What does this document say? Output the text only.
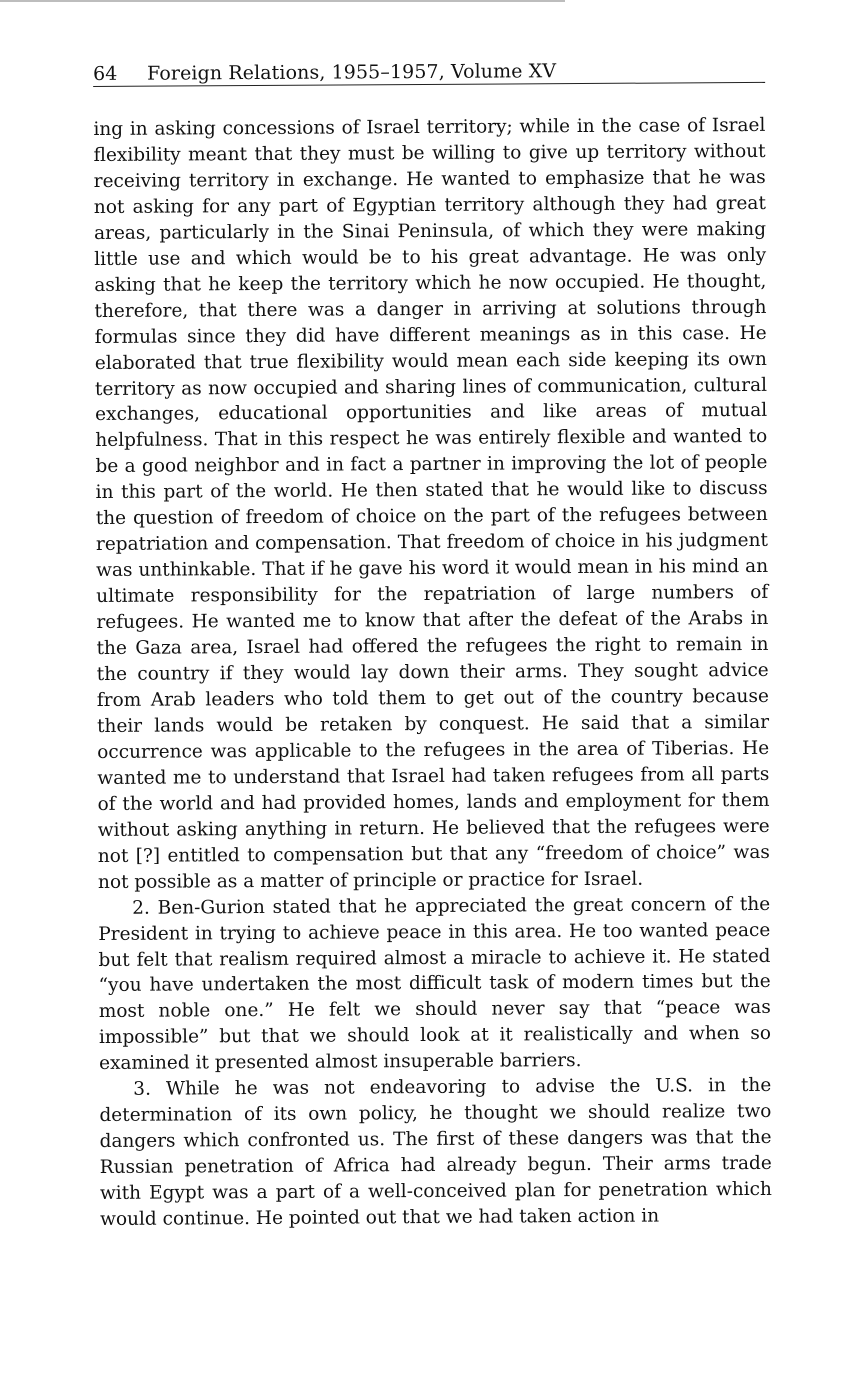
64	Foreign Relations, 1955–1957, Volume XV

ing in asking concessions of Israel territory; while in the case of Israel flexibility meant that they must be willing to give up territory without receiving territory in exchange. He wanted to emphasize that he was not asking for any part of Egyptian territory although they had great areas, particularly in the Sinai Peninsula, of which they were making little use and which would be to his great advantage. He was only asking that he keep the territory which he now occupied. He thought, therefore, that there was a danger in arriving at solutions through formulas since they did have different meanings as in this case. He elaborated that true flexibility would mean each side keeping its own territory as now occupied and sharing lines of communication, cultural exchanges, educational opportunities and like areas of mutual helpfulness. That in this respect he was entirely flexible and wanted to be a good neighbor and in fact a partner in improving the lot of people in this part of the world. He then stated that he would like to discuss the question of freedom of choice on the part of the refugees between repatriation and compensation. That freedom of choice in his judgment was unthinkable. That if he gave his word it would mean in his mind an ultimate responsibility for the repatriation of large numbers of refugees. He wanted me to know that after the defeat of the Arabs in the Gaza area, Israel had offered the refugees the right to remain in the country if they would lay down their arms. They sought advice from Arab leaders who told them to get out of the country because their lands would be retaken by conquest. He said that a similar occurrence was applicable to the refugees in the area of Tiberias. He wanted me to understand that Israel had taken refugees from all parts of the world and had provided homes, lands and employment for them without asking anything in return. He believed that the refugees were not [?] entitled to compensation but that any “freedom of choice” was not possible as a matter of principle or practice for Israel.

2. Ben-Gurion stated that he appreciated the great concern of the President in trying to achieve peace in this area. He too wanted peace but felt that realism required almost a miracle to achieve it. He stated “you have undertaken the most difficult task of modern times but the most noble one.” He felt we should never say that “peace was impossible” but that we should look at it realistically and when so examined it presented almost insuperable barriers.

3. While he was not endeavoring to advise the U.S. in the determination of its own policy, he thought we should realize two dangers which confronted us. The first of these dangers was that the Russian penetration of Africa had already begun. Their arms trade with Egypt was a part of a well-conceived plan for penetration which would continue. He pointed out that we had taken action in
